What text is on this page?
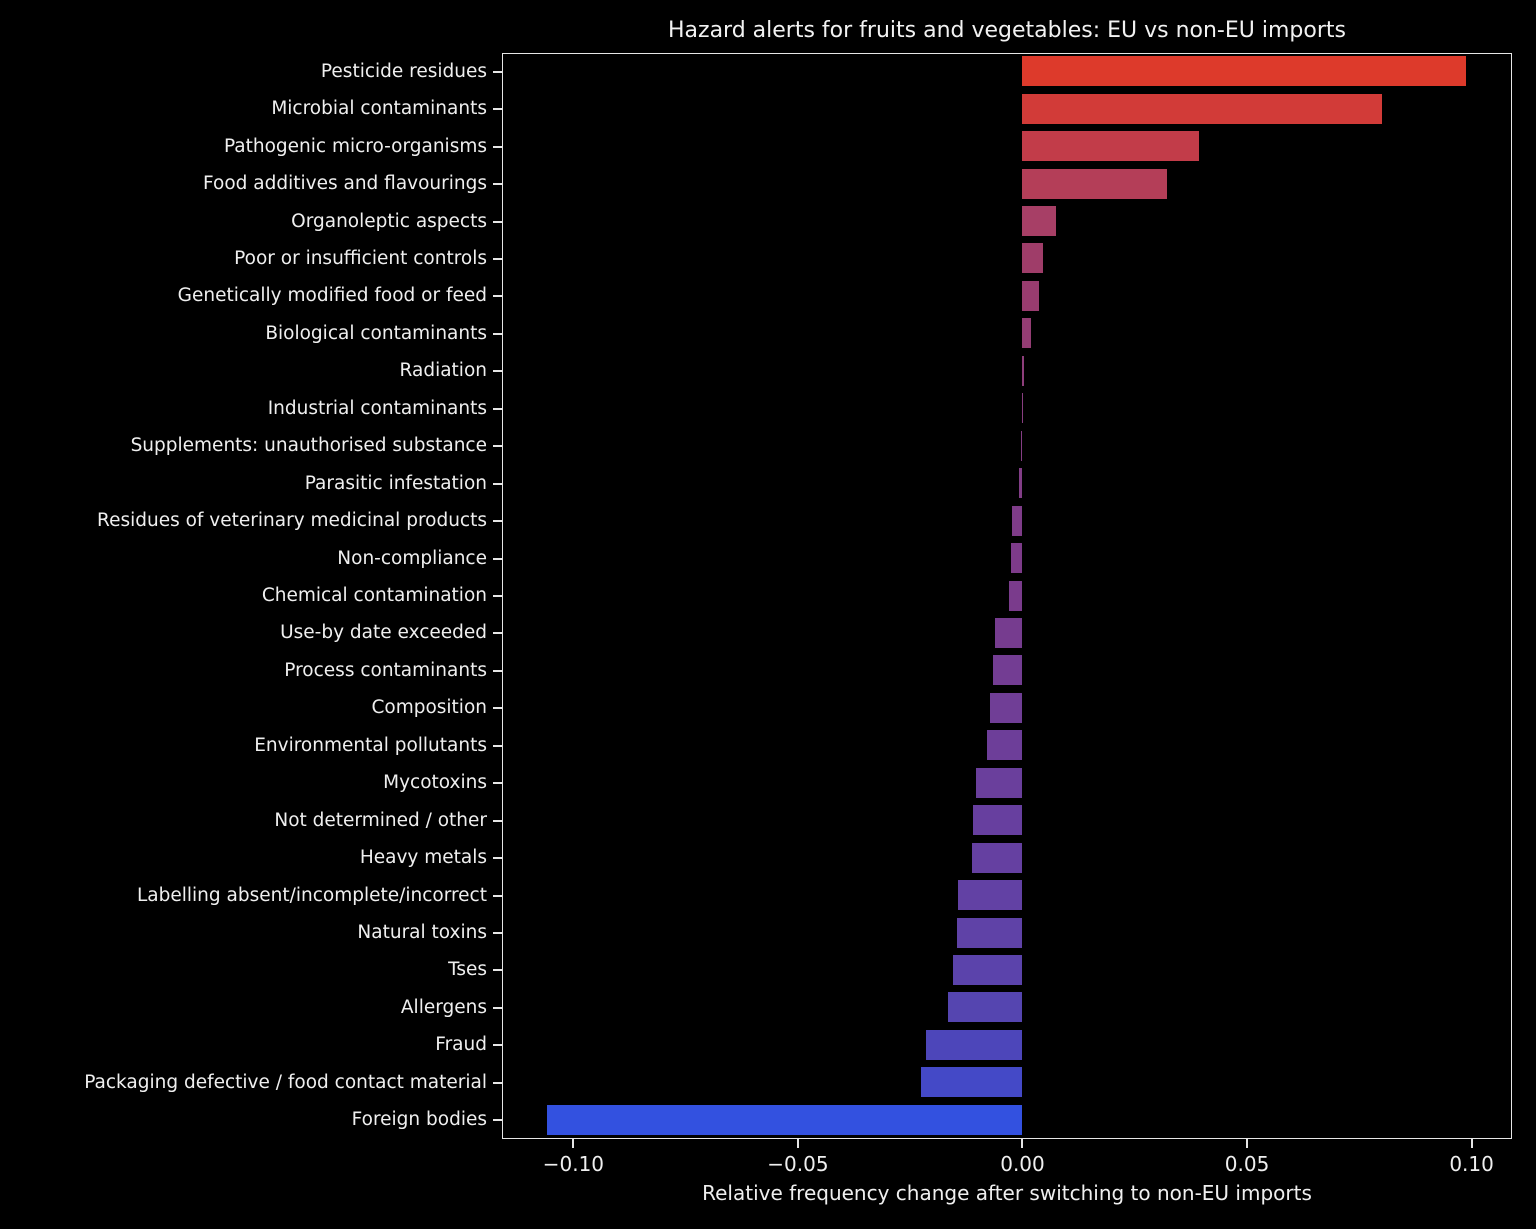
Hazard alerts for fruits and vegetables: EU vs non-EU imports
Pesticide residues
Microbial contaminants
Pathogenic micro-organisms
Food additives and flavourings
Organoleptic aspects
Poor or insufficient controls
Genetically modified food or feed
Biological contaminants
Radiation
Industrial contaminants
Supplements: unauthorised substance
Parasitic infestation
Residues of veterinary medicinal products
Non-compliance
Chemical contamination
Use-by date exceeded
Process contaminants
Composition
Environmental pollutants
Mycotoxins
Not determined / other
Heavy metals
Labelling absent/incomplete/incorrect
Natural toxins
Tses
Allergens
Fraud
Packaging defective / food contact material
Foreign bodies
−0.10	−0.05	0.00	0.05	0.10
Relative frequency change after switching to non-EU imports
